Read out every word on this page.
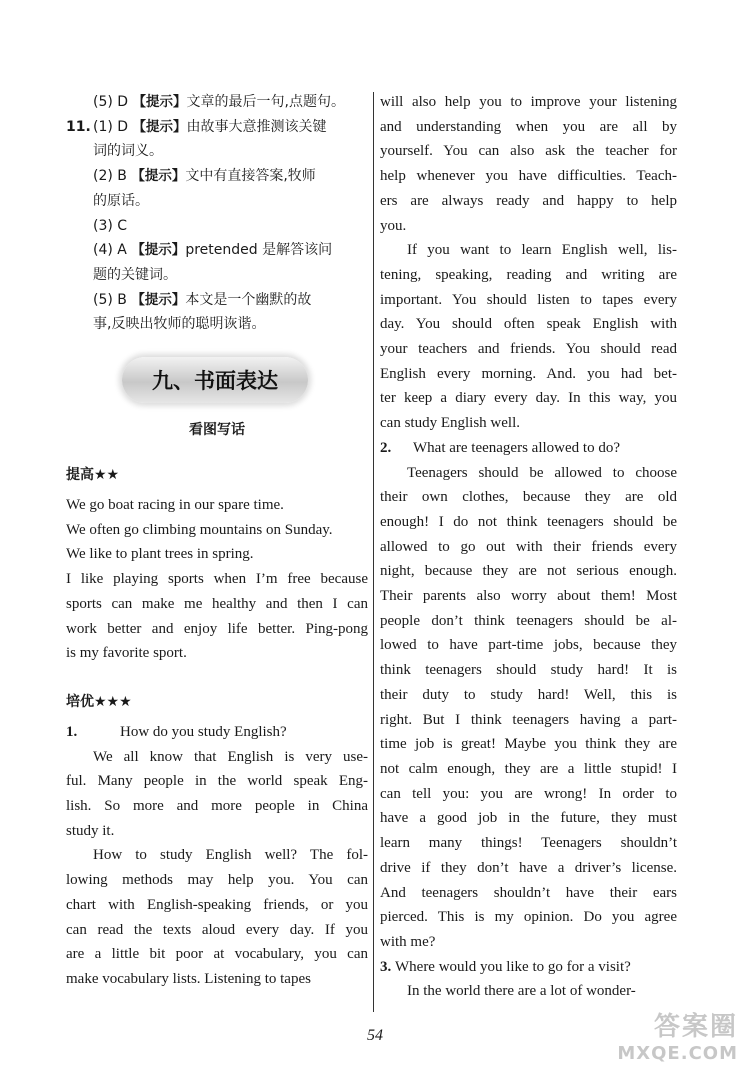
(5) D 【提示】文章的最后一句,点题句。
11. (1) D 【提示】由故事大意推测该关键
词的词义。
(2) B 【提示】文中有直接答案,牧师
的原话。
(3) C
(4) A 【提示】pretended 是解答该问
题的关键词。
(5) B 【提示】本文是一个幽默的故
事,反映出牧师的聪明诙谐。
九、书面表达
看图写话
提高★★
We go boat racing in our spare time.
We often go climbing mountains on Sunday.
We like to plant trees in spring.
I like playing sports when I’m free because
sports can make me healthy and then I can
work better and enjoy life better. Ping-pong
is my favorite sport.
培优★★★
1.	How do you study English?
We all know that English is very use-
ful. Many people in the world speak Eng-
lish. So more and more people in China
study it.
How to study English well? The fol-
lowing methods may help you. You can
chart with English-speaking friends, or you
can read the texts aloud every day. If you
are a little bit poor at vocabulary, you can
make vocabulary lists. Listening to tapes
will also help you to improve your listening
and understanding when you are all by
yourself. You can also ask the teacher for
help whenever you have difficulties. Teach-
ers are always ready and happy to help
you.
If you want to learn English well, lis-
tening, speaking, reading and writing are
important. You should listen to tapes every
day. You should often speak English with
your teachers and friends. You should read
English every morning. And. you had bet-
ter keep a diary every day. In this way, you
can study English well.
2. What are teenagers allowed to do?
Teenagers should be allowed to choose
their own clothes, because they are old
enough! I do not think teenagers should be
allowed to go out with their friends every
night, because they are not serious enough.
Their parents also worry about them! Most
people don’t think teenagers should be al-
lowed to have part-time jobs, because they
think teenagers should study hard! It is
their duty to study hard! Well, this is
right. But I think teenagers having a part-
time job is great! Maybe you think they are
not calm enough, they are a little stupid! I
can tell you: you are wrong! In order to
have a good job in the future, they must
learn many things! Teenagers shouldn’t
drive if they don’t have a driver’s license.
And teenagers shouldn’t have their ears
pierced. This is my opinion. Do you agree
with me?
3. Where would you like to go for a visit?
In the world there are a lot of wonder-
54	答案圈
MXQE.COM
